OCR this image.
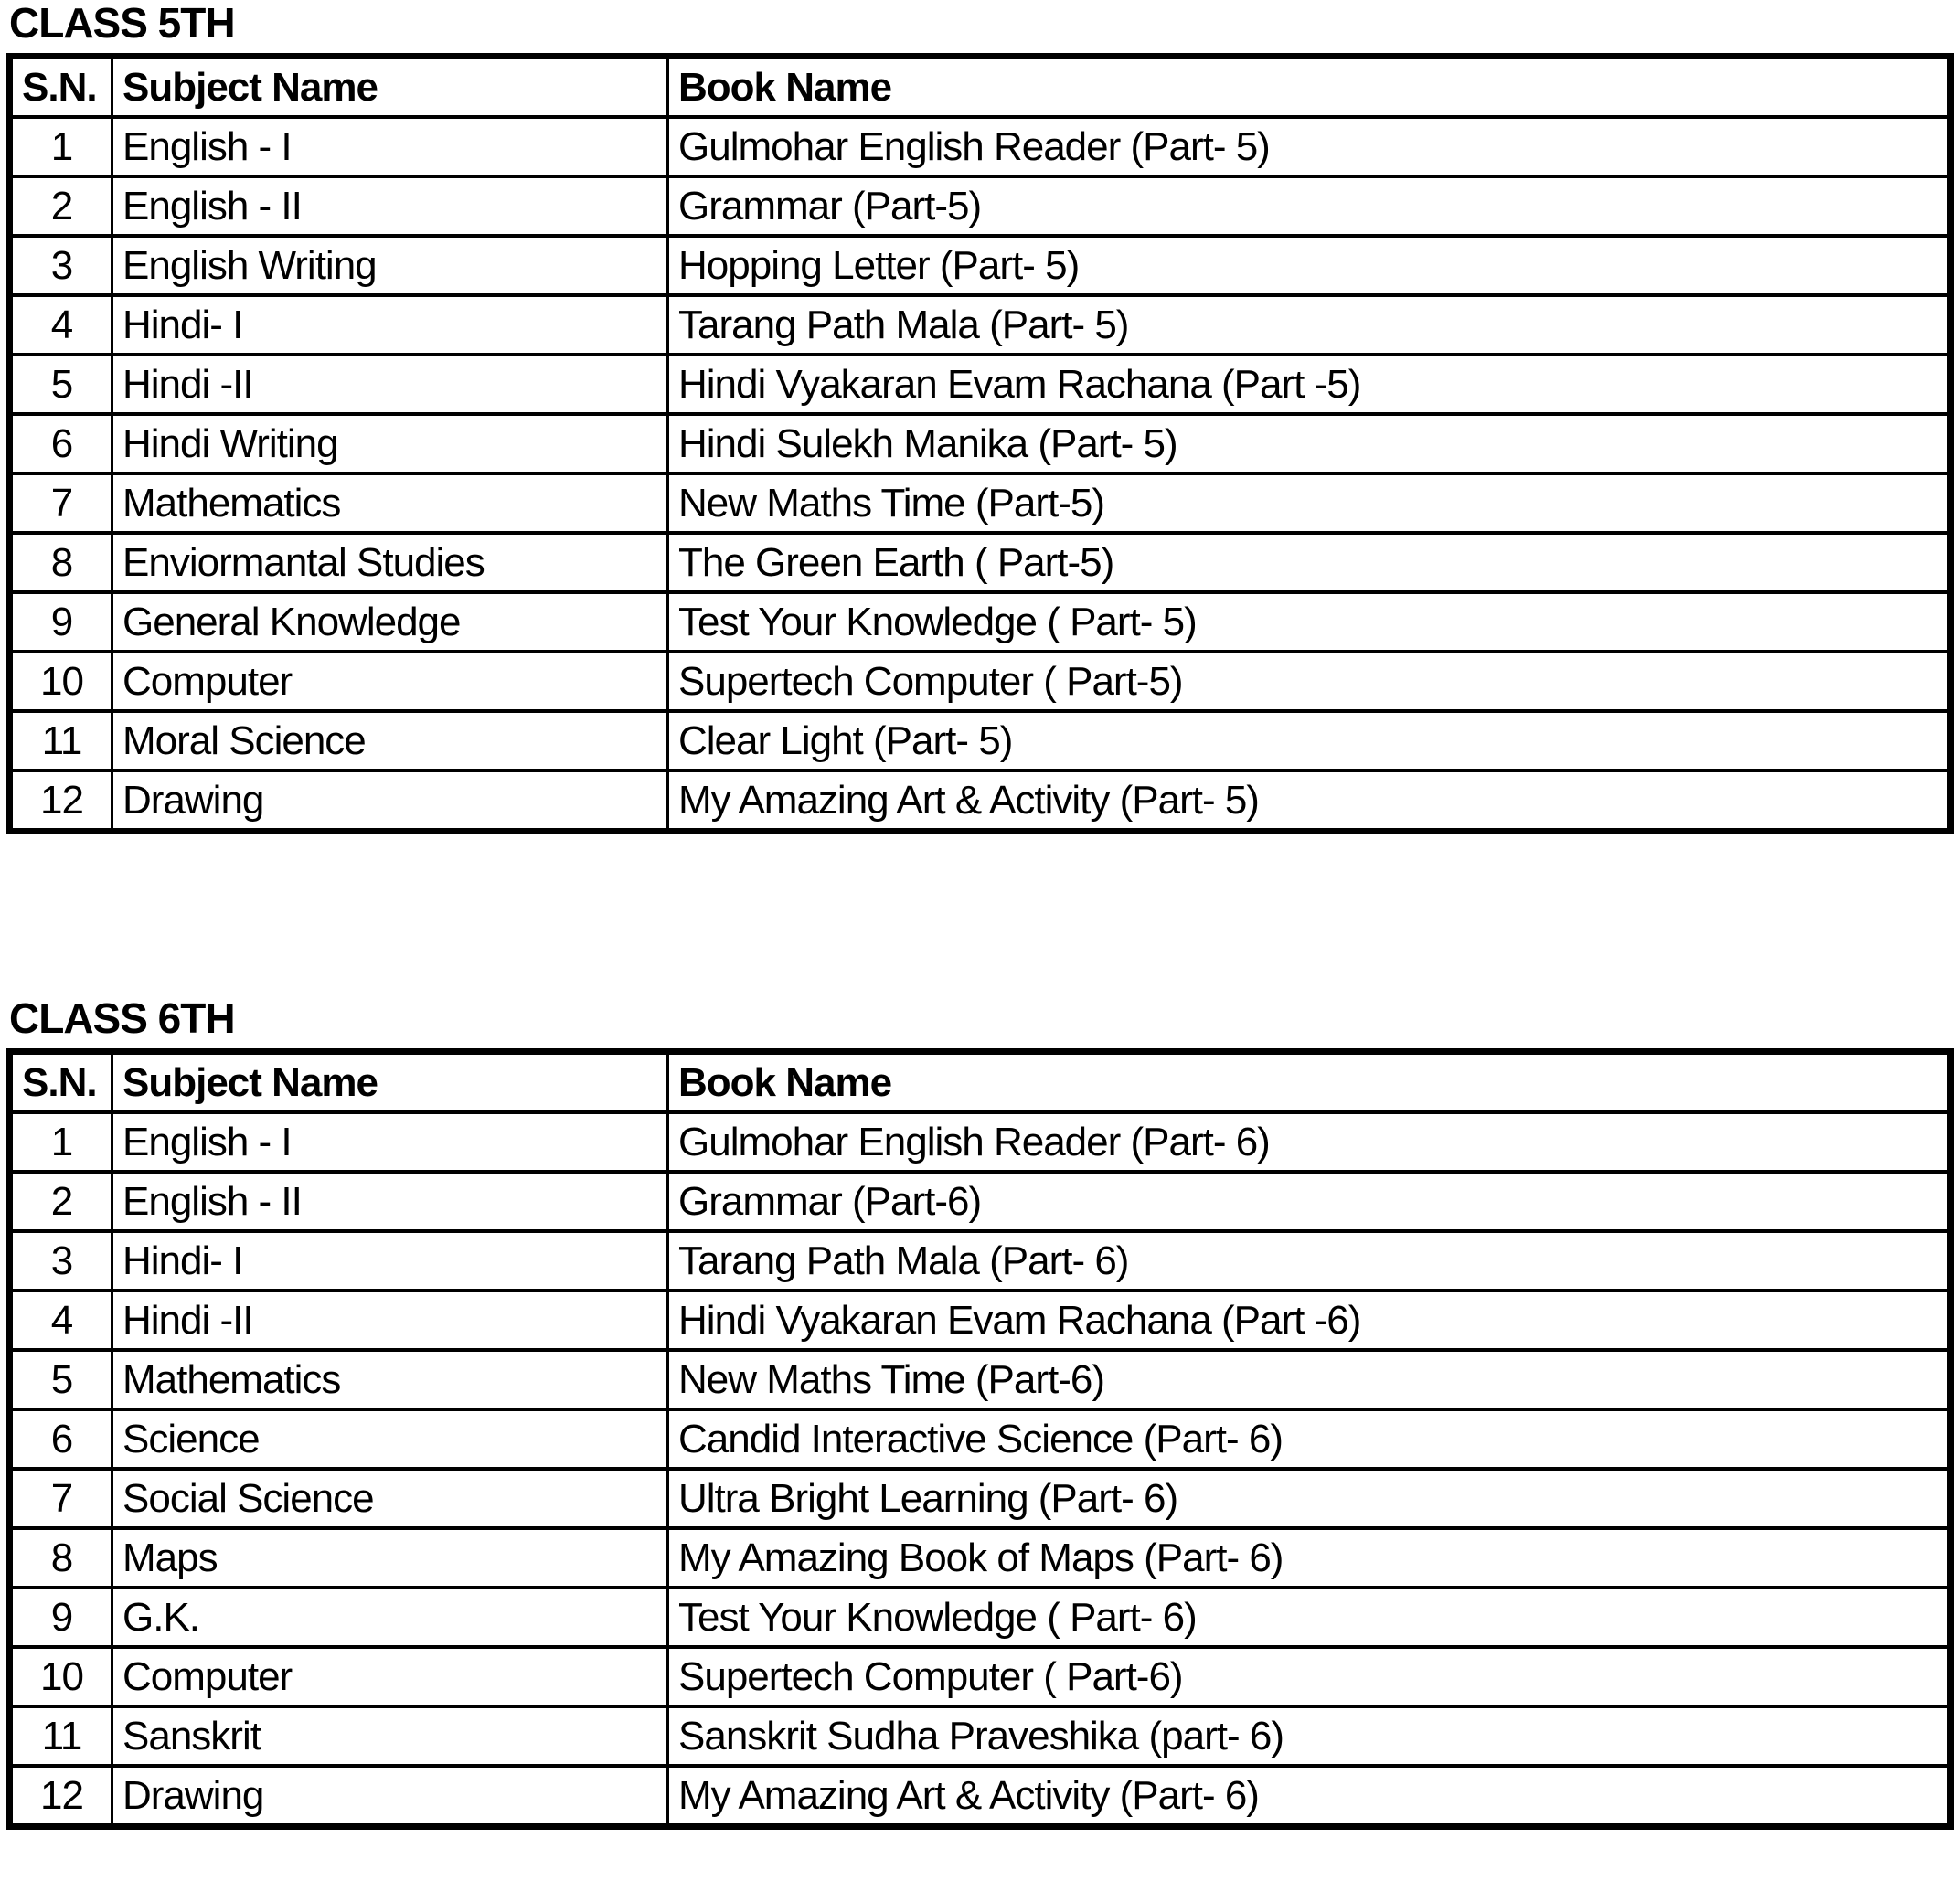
CLASS 5TH
S.N.	Subject Name	Book Name
1	English - I	Gulmohar English Reader (Part- 5)
2	English - II	Grammar (Part-5)
3	English Writing	Hopping Letter (Part- 5)
4	Hindi- I	Tarang Path Mala (Part- 5)
5	Hindi -II	Hindi Vyakaran Evam Rachana (Part -5)
6	Hindi Writing	Hindi Sulekh Manika (Part- 5)
7	Mathematics	New Maths Time (Part-5)
8	Enviormantal Studies	The Green Earth ( Part-5)
9	General Knowledge	Test Your Knowledge ( Part- 5)
10	Computer	Supertech Computer ( Part-5)
11	Moral Science	Clear Light (Part- 5)
12	Drawing	My Amazing Art & Activity (Part- 5)
CLASS 6TH
S.N.	Subject Name	Book Name
1	English - I	Gulmohar English Reader (Part- 6)
2	English - II	Grammar (Part-6)
3	Hindi- I	Tarang Path Mala (Part- 6)
4	Hindi -II	Hindi Vyakaran Evam Rachana (Part -6)
5	Mathematics	New Maths Time (Part-6)
6	Science	Candid Interactive Science (Part- 6)
7	Social Science	Ultra Bright Learning (Part- 6)
8	Maps	My Amazing Book of Maps (Part- 6)
9	G.K.	Test Your Knowledge ( Part- 6)
10	Computer	Supertech Computer ( Part-6)
11	Sanskrit	Sanskrit Sudha Praveshika (part- 6)
12	Drawing	My Amazing Art & Activity (Part- 6)
